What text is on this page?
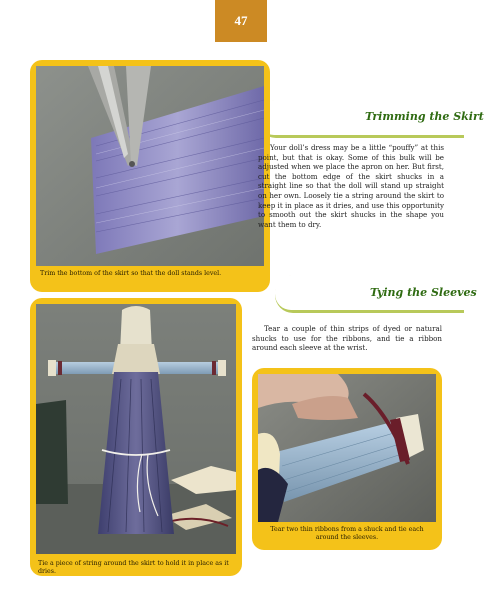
47
Trimming the Skirt
Trim the bottom of the skirt so that the doll stands level.
Your doll’s dress may be a little “pouffy” at this point, but that is okay. Some of this bulk will be adjusted when we place the apron on her. But first, cut the bottom edge of the skirt shucks in a straight line so that the doll will stand up straight on her own. Loosely tie a string around the skirt to keep it in place as it dries, and use this opportunity to smooth out the skirt shucks in the shape you want them to dry.
Tying the Sleeves
Tear a couple of thin strips of dyed or natural shucks to use for the ribbons, and tie a ribbon around each sleeve at the wrist.
Tie a piece of string around the skirt to hold it in place as it dries.
Tear two thin ribbons from a shuck and tie each around the sleeves.
